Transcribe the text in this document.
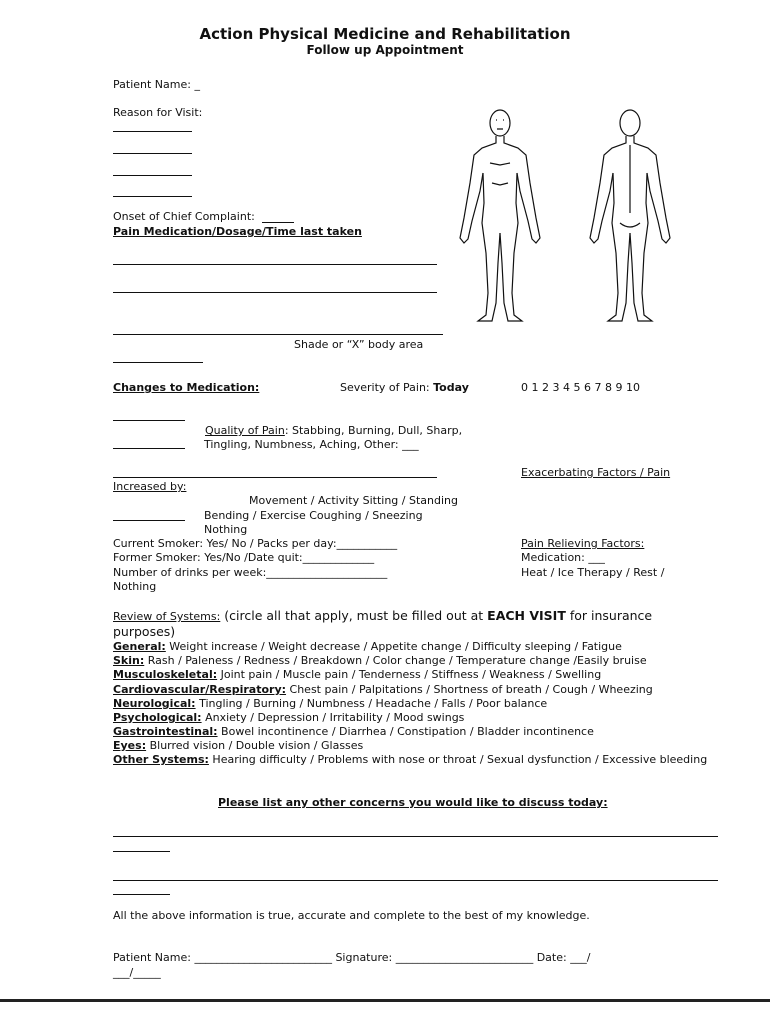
Action Physical Medicine and Rehabilitation
Follow up Appointment
Patient Name: _
Reason for Visit:
Onset of Chief Complaint:
Pain Medication/Dosage/Time last taken
Shade or “X” body area
Changes to Medication:	Severity of Pain: Today	0 1 2 3 4 5 6 7 8 9 10
Quality of Pain: Stabbing, Burning, Dull, Sharp,
Tingling, Numbness, Aching, Other: ___
Exacerbating Factors / Pain
Increased by:
Movement / Activity Sitting / Standing
Bending / Exercise Coughing / Sneezing
Nothing
Current Smoker: Yes/ No / Packs per day:___________
Former Smoker: Yes/No /Date quit:_____________
Number of drinks per week:______________________
Nothing
Pain Relieving Factors:
Medication: ___
Heat / Ice Therapy / Rest /
Review of Systems: (circle all that apply, must be filled out at EACH VISIT for insurance
purposes)
General: Weight increase / Weight decrease / Appetite change / Difficulty sleeping / Fatigue
Skin: Rash / Paleness / Redness / Breakdown / Color change / Temperature change /Easily bruise
Musculoskeletal: Joint pain / Muscle pain / Tenderness / Stiffness / Weakness / Swelling
Cardiovascular/Respiratory: Chest pain / Palpitations / Shortness of breath / Cough / Wheezing
Neurological: Tingling / Burning / Numbness / Headache / Falls / Poor balance
Psychological: Anxiety / Depression / Irritability / Mood swings
Gastrointestinal: Bowel incontinence / Diarrhea / Constipation / Bladder incontinence
Eyes: Blurred vision / Double vision / Glasses
Other Systems: Hearing difficulty / Problems with nose or throat / Sexual dysfunction / Excessive bleeding
Please list any other concerns you would like to discuss today:
All the above information is true, accurate and complete to the best of my knowledge.
Patient Name: _________________________ Signature: _________________________ Date: ___/
___/_____
